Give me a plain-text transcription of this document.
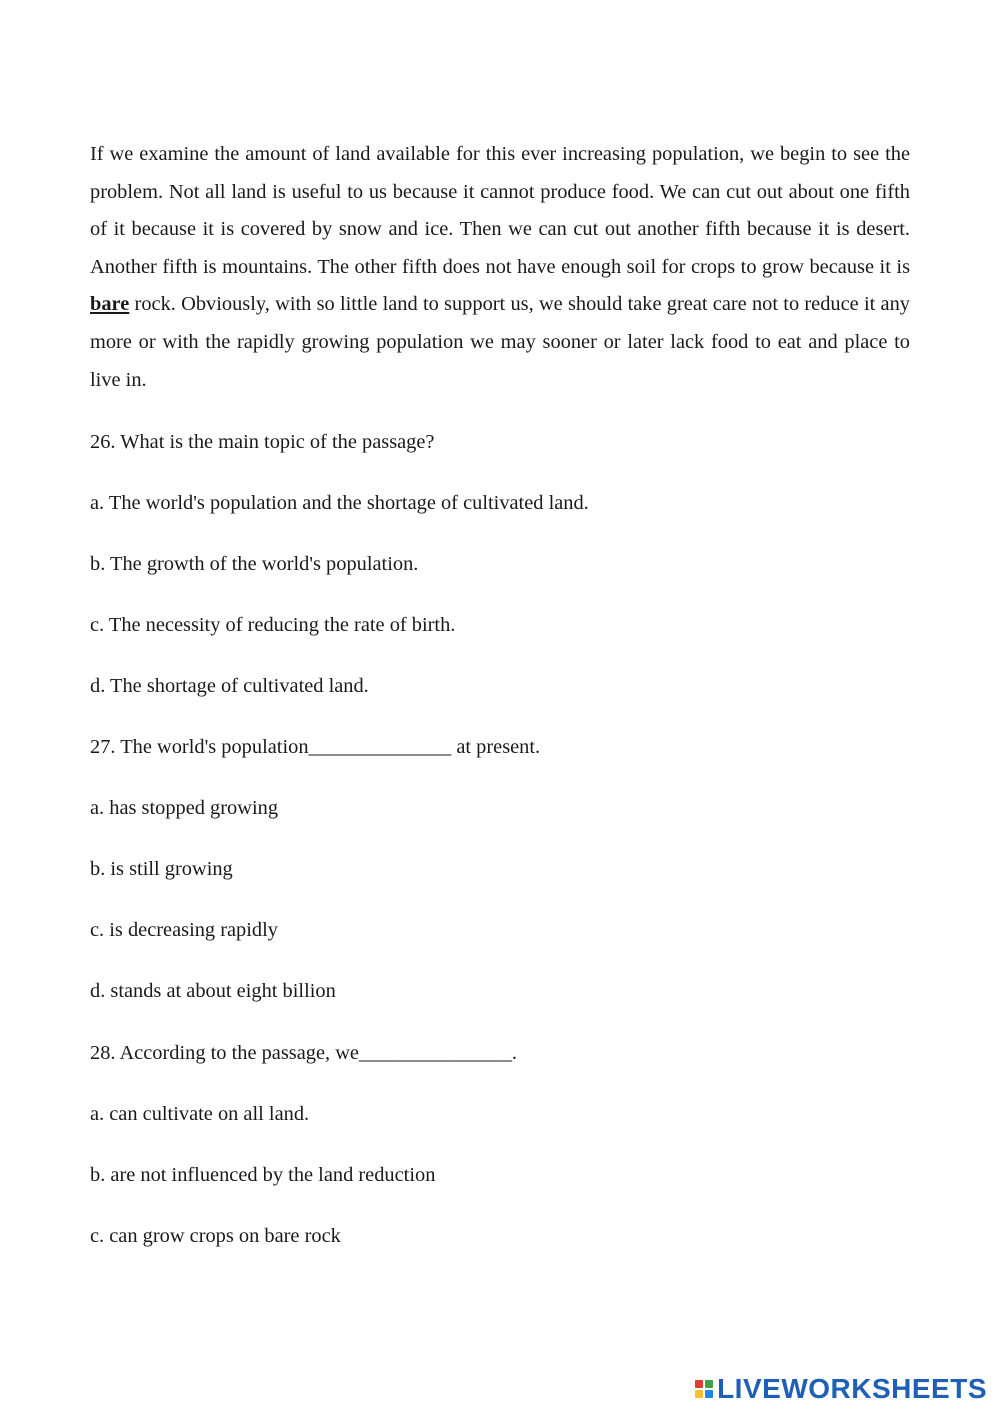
If we examine the amount of land available for this ever increasing population, we begin to see the problem. Not all land is useful to us because it cannot produce food. We can cut out about one fifth of it because it is covered by snow and ice. Then we can cut out another fifth because it is desert. Another fifth is mountains. The other fifth does not have enough soil for crops to grow because it is bare rock. Obviously, with so little land to support us, we should take great care not to reduce it any more or with the rapidly growing population we may sooner or later lack food to eat and place to live in.

26. What is the main topic of the passage?

a. The world's population and the shortage of cultivated land.

b. The growth of the world's population.

c. The necessity of reducing the rate of birth.

d. The shortage of cultivated land.

27. The world's population______________ at present.

a. has stopped growing

b. is still growing

c. is decreasing rapidly

d. stands at about eight billion

28. According to the passage, we_______________.

a. can cultivate on all land.

b. are not influenced by the land reduction

c. can grow crops on bare rock

LIVEWORKSHEETS
